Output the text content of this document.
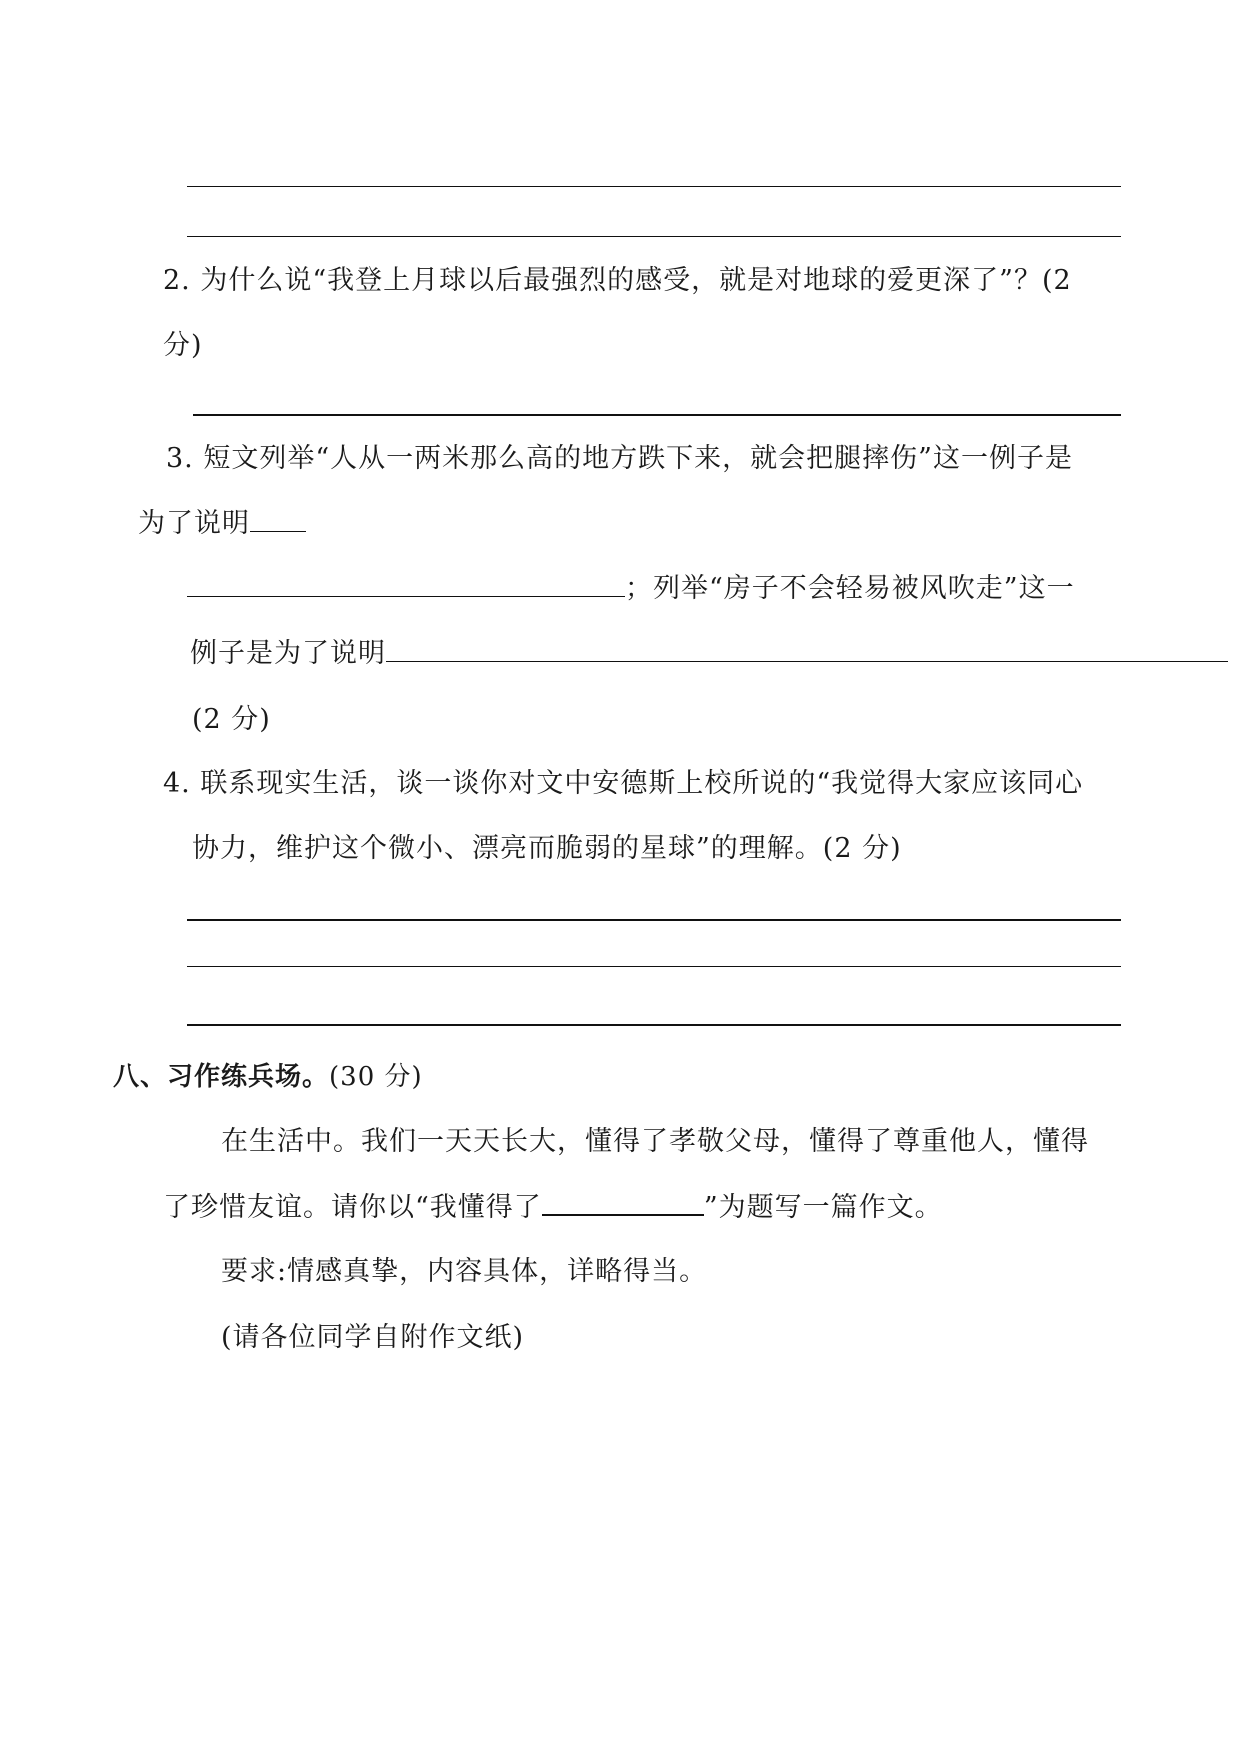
2. 为什么说“我登上月球以后最强烈的感受，就是对地球的爱更深了”？(2
分)
3. 短文列举“人从一两米那么高的地方跌下来，就会把腿摔伤”这一例子是
为了说明
；列举“房子不会轻易被风吹走”这一
例子是为了说明
(2 分)
4. 联系现实生活，谈一谈你对文中安德斯上校所说的“我觉得大家应该同心
协力，维护这个微小、漂亮而脆弱的星球”的理解。(2 分)
八、习作练兵场。(30 分)
在生活中。我们一天天长大，懂得了孝敬父母，懂得了尊重他人，懂得
了珍惜友谊。请你以“我懂得了	”为题写一篇作文。
要求:情感真挚，内容具体，详略得当。
(请各位同学自附作文纸)
